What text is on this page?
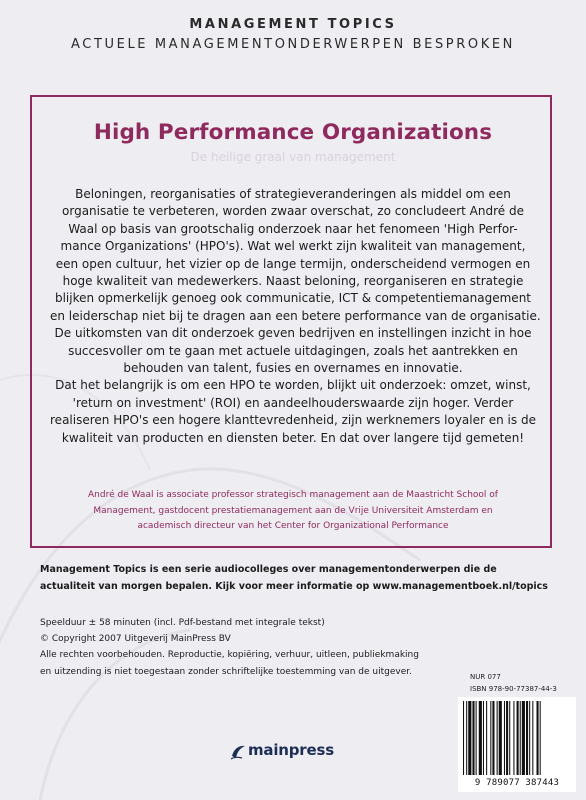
MANAGEMENT TOPICS
ACTUELE MANAGEMENTONDERWERPEN BESPROKEN
High Performance Organizations
De heilige graal van management
Beloningen, reorganisaties of strategieveranderingen als middel om een
organisatie te verbeteren, worden zwaar overschat, zo concludeert André de
Waal op basis van grootschalig onderzoek naar het fenomeen 'High Perfor-
mance Organizations' (HPO's). Wat wel werkt zijn kwaliteit van management,
een open cultuur, het vizier op de lange termijn, onderscheidend vermogen en
hoge kwaliteit van medewerkers. Naast beloning, reorganiseren en strategie
blijken opmerkelijk genoeg ook communicatie, ICT & competentiemanagement
en leiderschap niet bij te dragen aan een betere performance van de organisatie.
De uitkomsten van dit onderzoek geven bedrijven en instellingen inzicht in hoe
succesvoller om te gaan met actuele uitdagingen, zoals het aantrekken en
behouden van talent, fusies en overnames en innovatie.
Dat het belangrijk is om een HPO te worden, blijkt uit onderzoek: omzet, winst,
'return on investment' (ROI) en aandeelhouderswaarde zijn hoger. Verder
realiseren HPO's een hogere klanttevredenheid, zijn werknemers loyaler en is de
kwaliteit van producten en diensten beter. En dat over langere tijd gemeten!
André de Waal is associate professor strategisch management aan de Maastricht School of
Management, gastdocent prestatiemanagement aan de Vrije Universiteit Amsterdam en
academisch directeur van het Center for Organizational Performance
Management Topics is een serie audiocolleges over managementonderwerpen die de
actualiteit van morgen bepalen. Kijk voor meer informatie op www.managementboek.nl/topics
Speelduur ± 58 minuten (incl. Pdf-bestand met integrale tekst)
© Copyright 2007 Uitgeverij MainPress BV
Alle rechten voorbehouden. Reproductie, kopiëring, verhuur, uitleen, publiekmaking
en uitzending is niet toegestaan zonder schriftelijke toestemming van de uitgever.
NUR 077
ISBN 978-90-77387-44-3
9 789077 387443
mainpress
